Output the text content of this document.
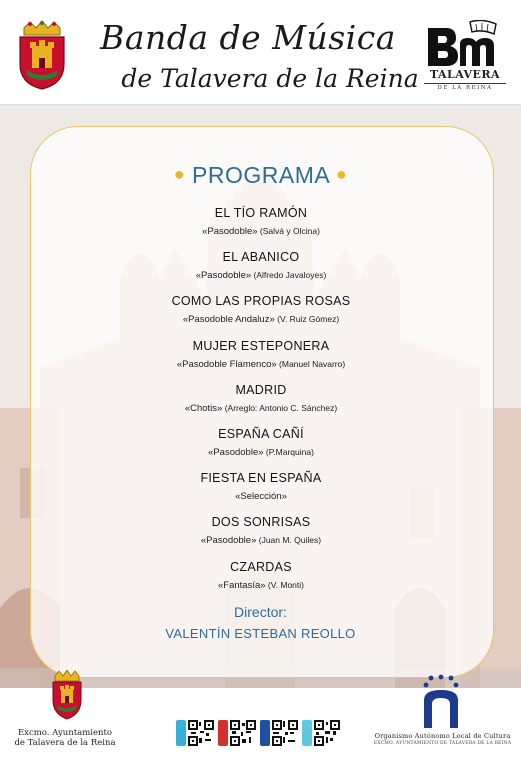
Banda de Música
de Talavera de la Reina	TALAVERA
DE LA REINA
● PROGRAMA ●
EL TÍO RAMÓN
«Pasodoble» (Salvá y Olcina)
EL ABANICO
«Pasodoble» (Alfredo Javaloyes)
COMO LAS PROPIAS ROSAS
«Pasodoble Andaluz» (V. Ruiz Gómez)
MUJER ESTEPONERA
«Pasodoble Flamenco» (Manuel Navarro)
MADRID
«Chotis» (Arreglo: Antonio C. Sánchez)
ESPAÑA CAÑÍ
«Pasodoble» (P.Marquina)
FIESTA EN ESPAÑA
«Selección»
DOS SONRISAS
«Pasodoble» (Juan M. Quiles)
CZARDAS
«Fantasía» (V. Monti)
Director:
VALENTÍN ESTEBAN REOLLO
Excmo. Ayuntamiento
de Talavera de la Reina
Organismo Autónomo Local de Cultura
EXCMO. AYUNTAMIENTO DE TALAVERA DE LA REINA
